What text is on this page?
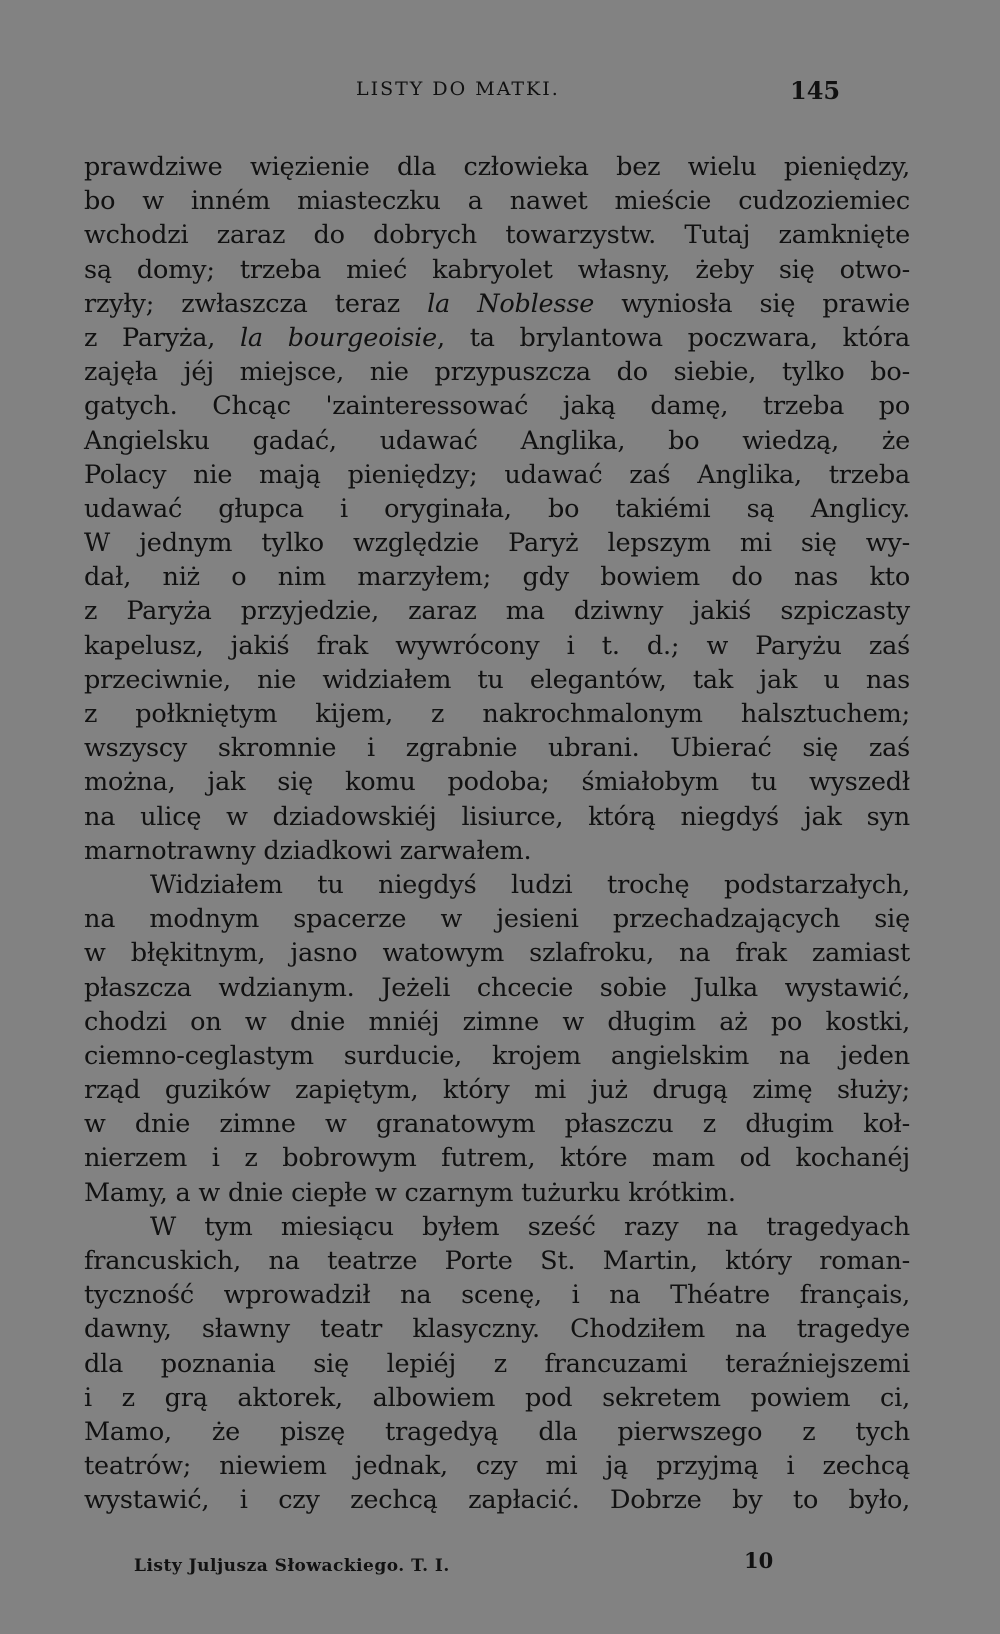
LISTY DO MATKI.	145
prawdziwe więzienie dla człowieka bez wielu pieniędzy,
bo w inném miasteczku a nawet mieście cudzoziemiec
wchodzi zaraz do dobrych towarzystw. Tutaj zamknięte
są domy; trzeba mieć kabryolet własny, żeby się otwo-
rzyły; zwłaszcza teraz la Noblesse wyniosła się prawie
z Paryża, la bourgeoisie, ta brylantowa poczwara, która
zajęła jéj miejsce, nie przypuszcza do siebie, tylko bo-
gatych. Chcąc 'zainteressować jaką damę, trzeba po
Angielsku gadać, udawać Anglika, bo wiedzą, że
Polacy nie mają pieniędzy; udawać zaś Anglika, trzeba
udawać głupca i oryginała, bo takiémi są Anglicy.
W jednym tylko względzie Paryż lepszym mi się wy-
dał, niż o nim marzyłem; gdy bowiem do nas kto
z Paryża przyjedzie, zaraz ma dziwny jakiś szpiczasty
kapelusz, jakiś frak wywrócony i t. d.; w Paryżu zaś
przeciwnie, nie widziałem tu elegantów, tak jak u nas
z połkniętym kijem, z nakrochmalonym halsztuchem;
wszyscy skromnie i zgrabnie ubrani. Ubierać się zaś
można, jak się komu podoba; śmiałobym tu wyszedł
na ulicę w dziadowskiéj lisiurce, którą niegdyś jak syn
marnotrawny dziadkowi zarwałem.
Widziałem tu niegdyś ludzi trochę podstarzałych,
na modnym spacerze w jesieni przechadzających się
w błękitnym, jasno watowym szlafroku, na frak zamiast
płaszcza wdzianym. Jeżeli chcecie sobie Julka wystawić,
chodzi on w dnie mniéj zimne w długim aż po kostki,
ciemno-ceglastym surducie, krojem angielskim na jeden
rząd guzików zapiętym, który mi już drugą zimę służy;
w dnie zimne w granatowym płaszczu z długim koł-
nierzem i z bobrowym futrem, które mam od kochanéj
Mamy, a w dnie ciepłe w czarnym tużurku krótkim.
W tym miesiącu byłem sześć razy na tragedyach
francuskich, na teatrze Porte St. Martin, który roman-
tyczność wprowadził na scenę, i na Théatre français,
dawny, sławny teatr klasyczny. Chodziłem na tragedye
dla poznania się lepiéj z francuzami teraźniejszemi
i z grą aktorek, albowiem pod sekretem powiem ci,
Mamo, że piszę tragedyą dla pierwszego z tych
teatrów; niewiem jednak, czy mi ją przyjmą i zechcą
wystawić, i czy zechcą zapłacić. Dobrze by to było,
Listy Juljusza Słowackiego. T. I.	10
